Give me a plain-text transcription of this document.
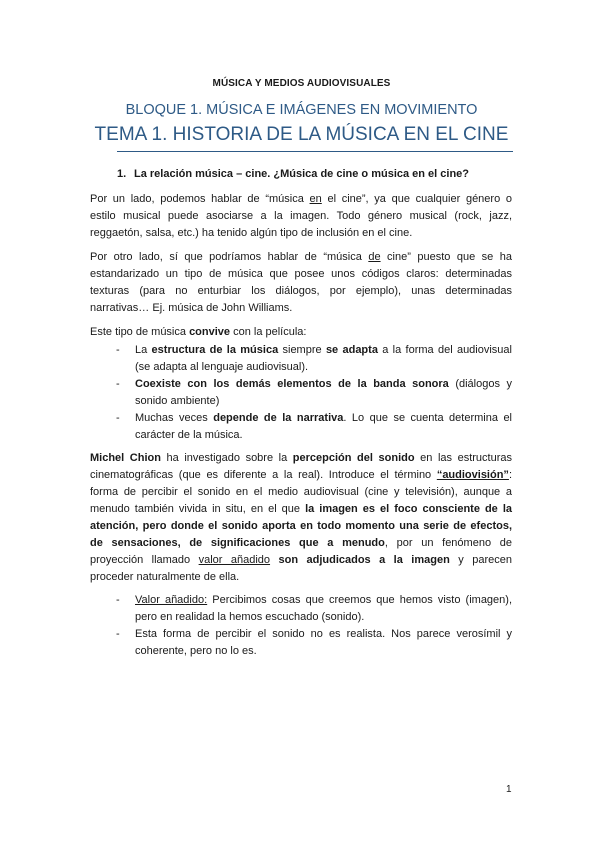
MÚSICA Y MEDIOS AUDIOVISUALES
BLOQUE 1. MÚSICA E IMÁGENES EN MOVIMIENTO
TEMA 1. HISTORIA DE LA MÚSICA EN EL CINE
1. La relación música – cine. ¿Música de cine o música en el cine?
Por un lado, podemos hablar de “música en el cine”, ya que cualquier género o
estilo musical puede asociarse a la imagen. Todo género musical (rock, jazz,
reggaetón, salsa, etc.) ha tenido algún tipo de inclusión en el cine.
Por otro lado, sí que podríamos hablar de “música de cine” puesto que se ha
estandarizado un tipo de música que posee unos códigos claros: determinadas
texturas (para no enturbiar los diálogos, por ejemplo), unas determinadas
narrativas… Ej. música de John Williams.
Este tipo de música convive con la película:
- La estructura de la música siempre se adapta a la forma del audiovisual
(se adapta al lenguaje audiovisual).
- Coexiste con los demás elementos de la banda sonora (diálogos y
sonido ambiente)
- Muchas veces depende de la narrativa. Lo que se cuenta determina el
carácter de la música.
Michel Chion ha investigado sobre la percepción del sonido en las estructuras
cinematográficas (que es diferente a la real). Introduce el término “audiovisión”:
forma de percibir el sonido en el medio audiovisual (cine y televisión), aunque a
menudo también vivida in situ, en el que la imagen es el foco consciente de la
atención, pero donde el sonido aporta en todo momento una serie de efectos,
de sensaciones, de significaciones que a menudo, por un fenómeno de
proyección llamado valor añadido son adjudicados a la imagen y parecen
proceder naturalmente de ella.
- Valor añadido: Percibimos cosas que creemos que hemos visto (imagen),
pero en realidad la hemos escuchado (sonido).
- Esta forma de percibir el sonido no es realista. Nos parece verosímil y
coherente, pero no lo es.
1
